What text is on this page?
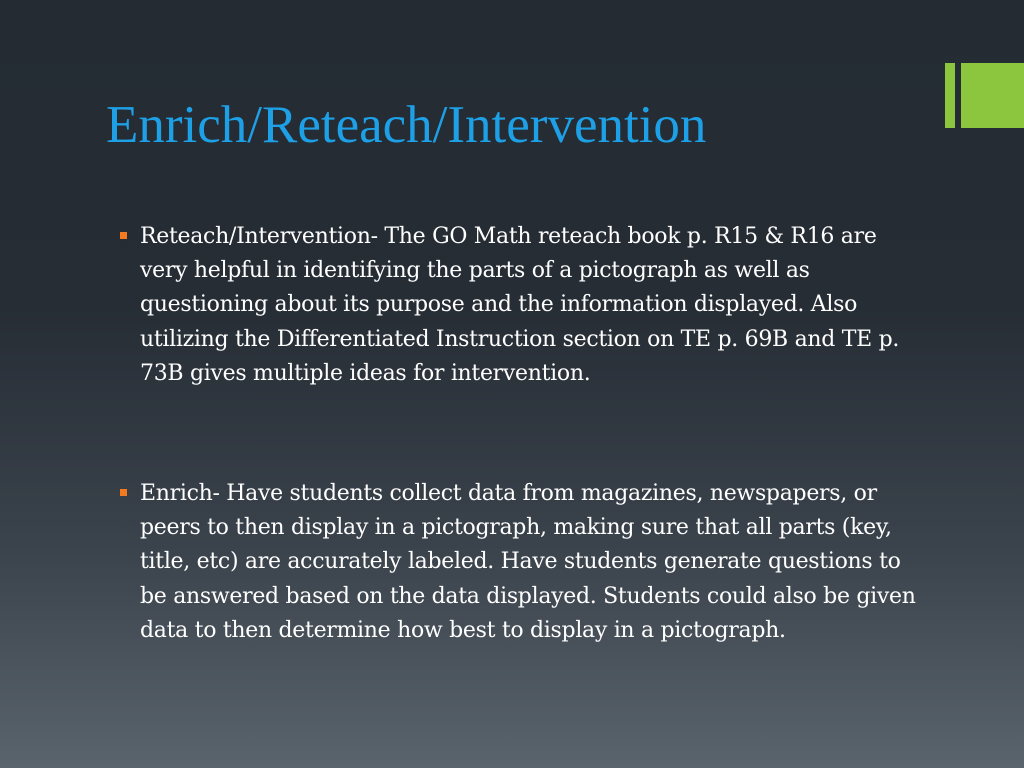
Enrich/Reteach/Intervention
Reteach/Intervention- The GO Math reteach book p. R15 & R16 are very helpful in identifying the parts of a pictograph as well as questioning about its purpose and the information displayed. Also utilizing the Differentiated Instruction section on TE p. 69B and TE p. 73B gives multiple ideas for intervention.
Enrich- Have students collect data from magazines, newspapers, or peers to then display in a pictograph, making sure that all parts (key, title, etc) are accurately labeled. Have students generate questions to be answered based on the data displayed. Students could also be given data to then determine how best to display in a pictograph.
